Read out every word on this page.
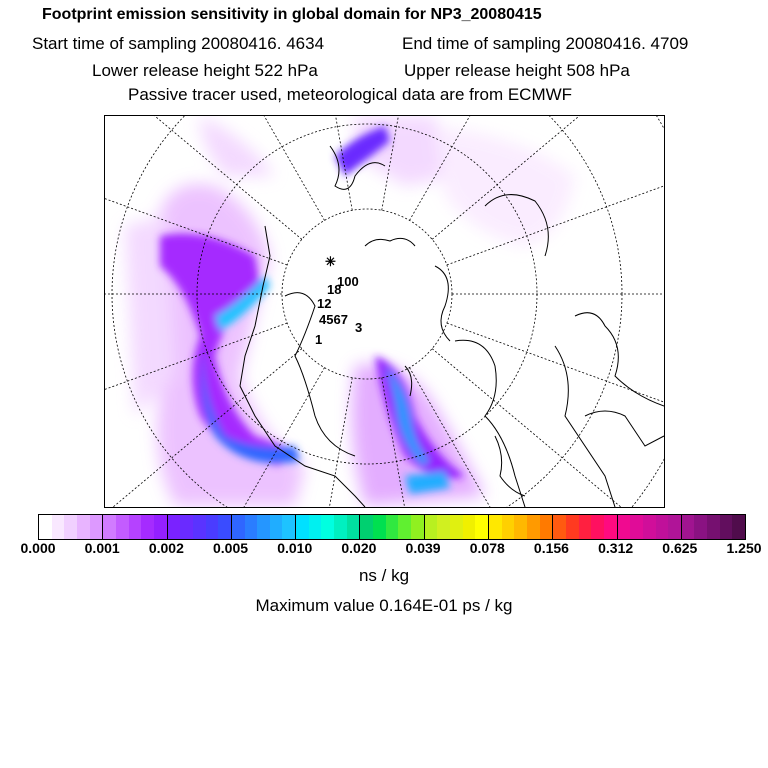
Footprint emission sensitivity in global domain for NP3_20080415
Start time of sampling 20080416. 4634	End time of sampling 20080416. 4709
Lower release height 522 hPa	Upper release height 508 hPa
Passive tracer used, meteorological data are from ECMWF
✳
100
18
12
4567
3
1
0.000 0.001 0.002 0.005 0.010 0.020 0.039 0.078 0.156 0.312 0.625 1.250
ns / kg
Maximum value 0.164E-01 ps / kg
